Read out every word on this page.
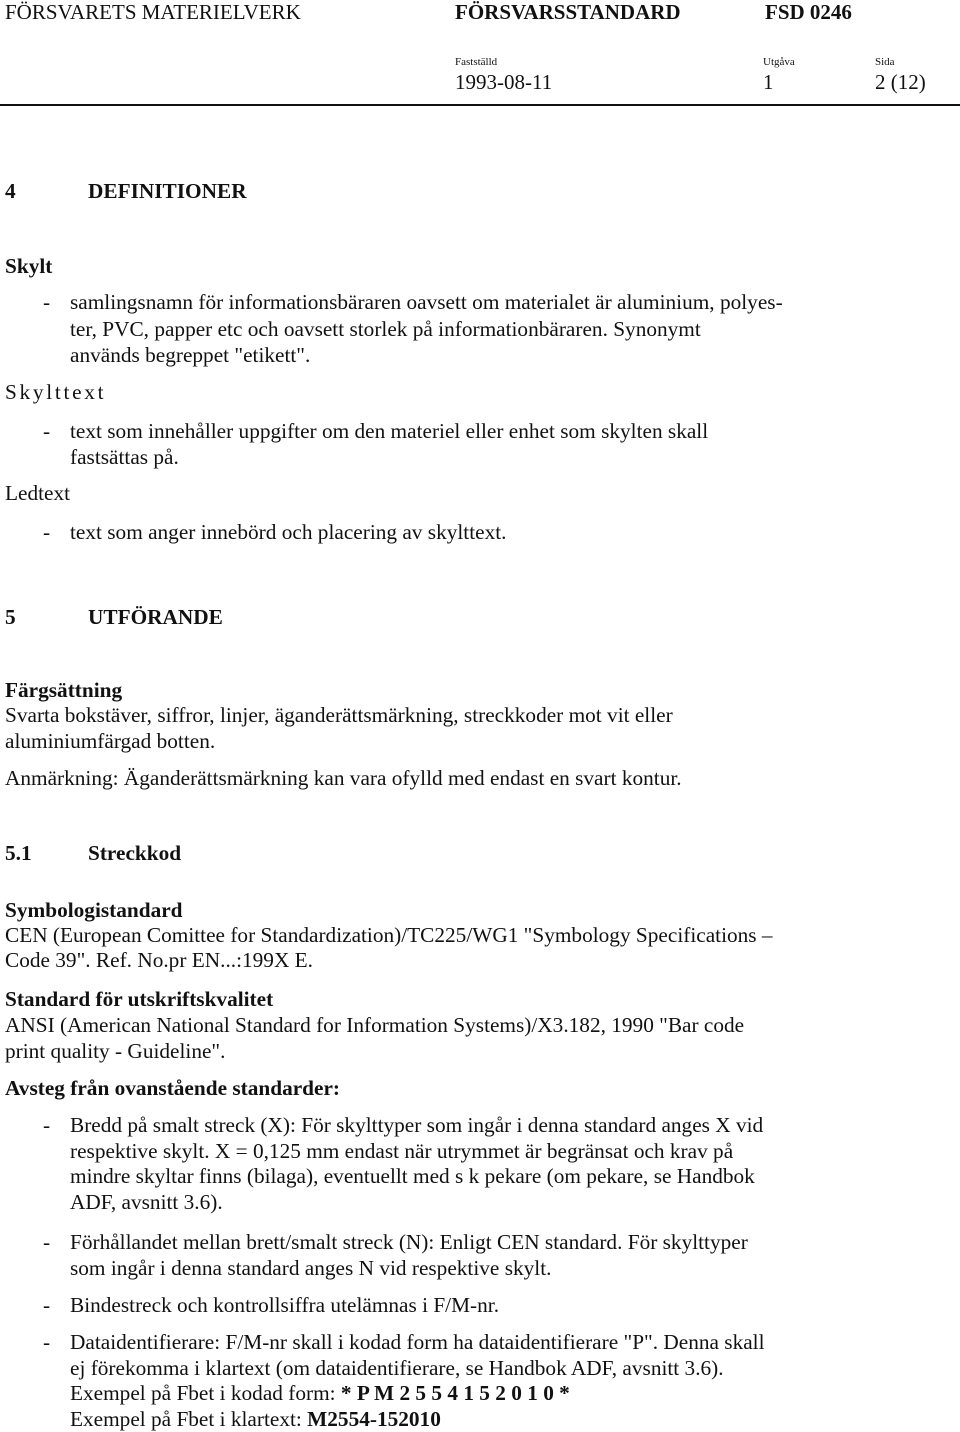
FÖRSVARETS MATERIELVERK	FÖRSVARSSTANDARD	FSD 0246
Fastställd	Utgåva	Sida
1993-08-11	1	2 (12)
4	DEFINITIONER
Skylt
- samlingsnamn för informationsbäraren oavsett om materialet är aluminium, polyes-
ter, PVC, papper etc och oavsett storlek på informationbäraren. Synonymt
används begreppet "etikett".
Skylttext
- text som innehåller uppgifter om den materiel eller enhet som skylten skall
fastsättas på.
Ledtext
- text som anger innebörd och placering av skylttext.
5	UTFÖRANDE
Färgsättning
Svarta bokstäver, siffror, linjer, äganderättsmärkning, streckkoder mot vit eller
aluminiumfärgad botten.
Anmärkning: Äganderättsmärkning kan vara ofylld med endast en svart kontur.
5.1	Streckkod
Symbologistandard
CEN (European Comittee for Standardization)/TC225/WG1 "Symbology Specifications –
Code 39". Ref. No.pr EN...:199X E.
Standard för utskriftskvalitet
ANSI (American National Standard for Information Systems)/X3.182, 1990 "Bar code
print quality - Guideline".
Avsteg från ovanstående standarder:
- Bredd på smalt streck (X): För skylttyper som ingår i denna standard anges X vid
respektive skylt. X = 0,125 mm endast när utrymmet är begränsat och krav på
mindre skyltar finns (bilaga), eventuellt med s k pekare (om pekare, se Handbok
ADF, avsnitt 3.6).
- Förhållandet mellan brett/smalt streck (N): Enligt CEN standard. För skylttyper
som ingår i denna standard anges N vid respektive skylt.
- Bindestreck och kontrollsiffra utelämnas i F/M-nr.
- Dataidentifierare: F/M-nr skall i kodad form ha dataidentifierare "P". Denna skall
ej förekomma i klartext (om dataidentifierare, se Handbok ADF, avsnitt 3.6).
Exempel på Fbet i kodad form: * P M 2 5 5 4 1 5 2 0 1 0 *
Exempel på Fbet i klartext: M2554-152010
